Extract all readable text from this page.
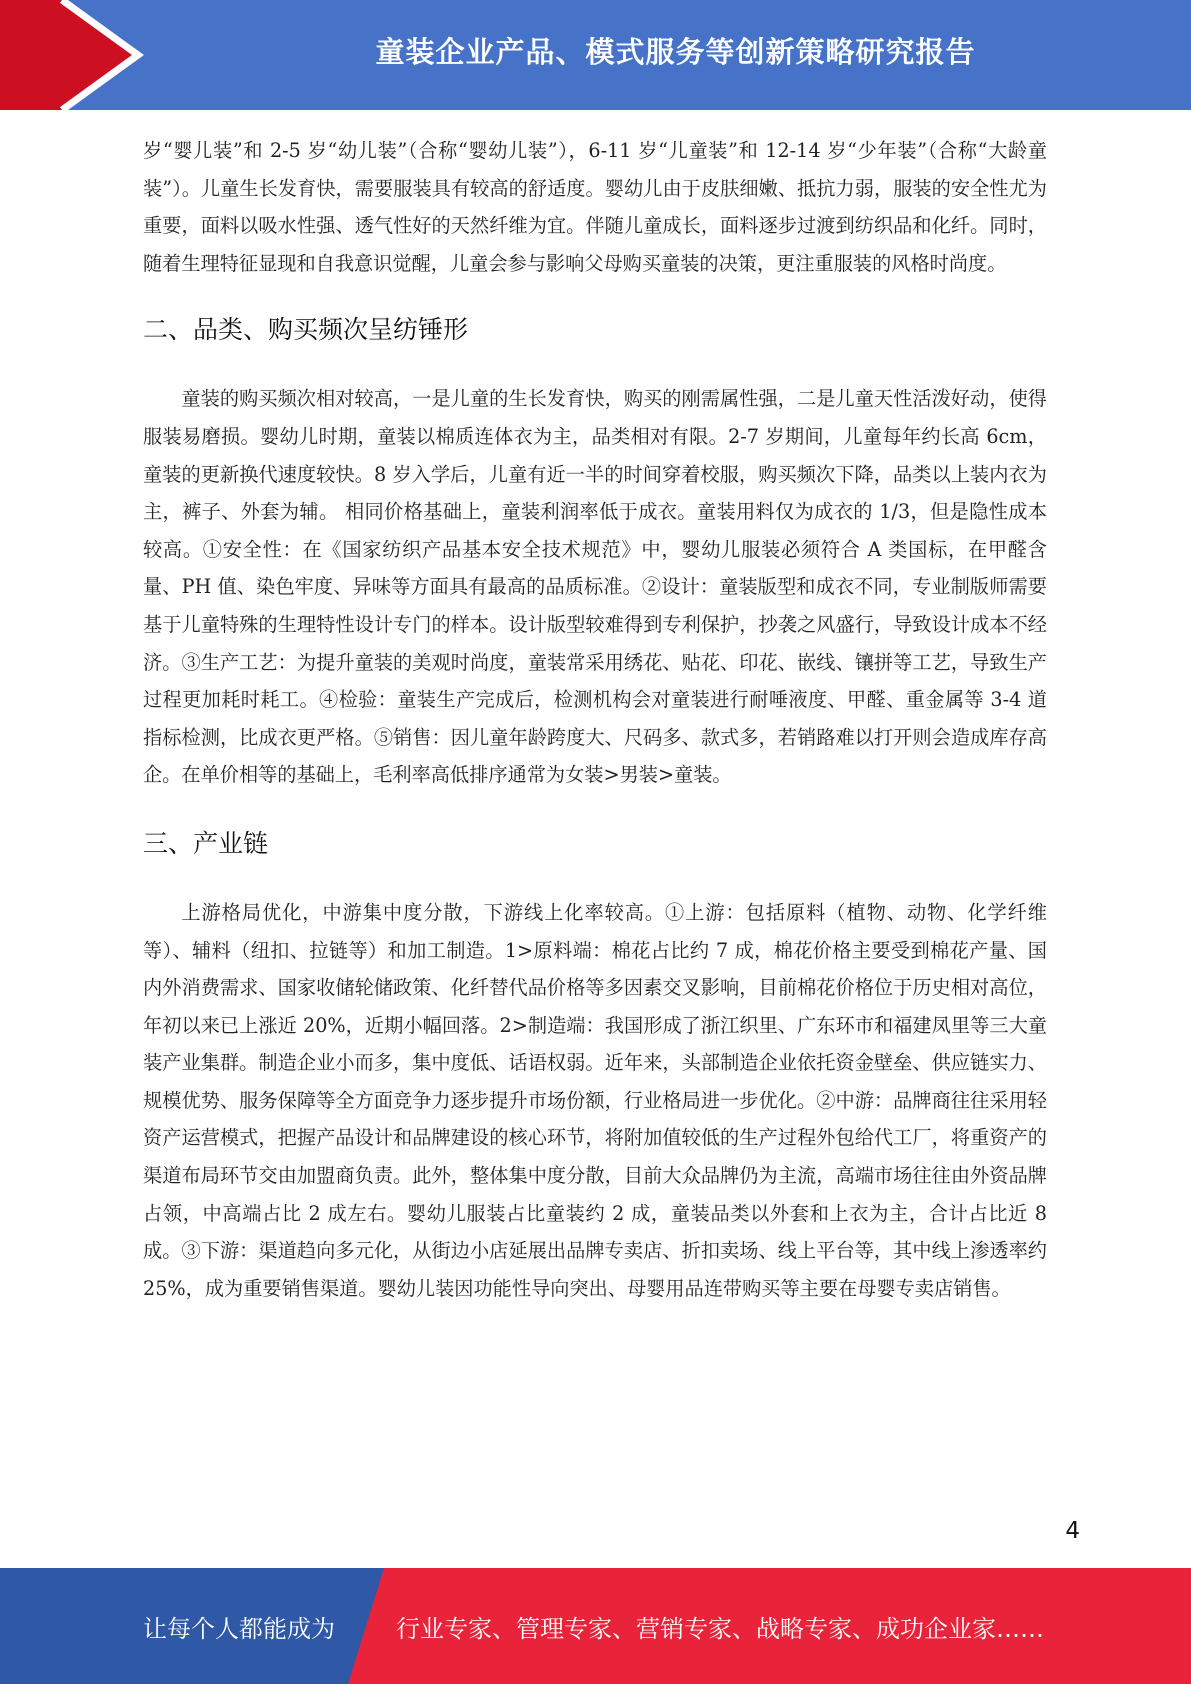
童装企业产品、模式服务等创新策略研究报告

岁“婴儿装”和 2-5 岁“幼儿装”（合称“婴幼儿装”），6-11 岁“儿童装”和 12-14 岁“少年装”（合称“大龄童装”）。儿童生长发育快，需要服装具有较高的舒适度。婴幼儿由于皮肤细嫩、抵抗力弱，服装的安全性尤为重要，面料以吸水性强、透气性好的天然纤维为宜。伴随儿童成长，面料逐步过渡到纺织品和化纤。同时，随着生理特征显现和自我意识觉醒，儿童会参与影响父母购买童装的决策，更注重服装的风格时尚度。

二、品类、购买频次呈纺锤形

童装的购买频次相对较高，一是儿童的生长发育快，购买的刚需属性强，二是儿童天性活泼好动，使得服装易磨损。婴幼儿时期，童装以棉质连体衣为主，品类相对有限。2-7 岁期间，儿童每年约长高 6cm，童装的更新换代速度较快。8 岁入学后，儿童有近一半的时间穿着校服，购买频次下降，品类以上装内衣为主，裤子、外套为辅。 相同价格基础上，童装利润率低于成衣。童装用料仅为成衣的 1/3，但是隐性成本较高。①安全性：在《国家纺织产品基本安全技术规范》中，婴幼儿服装必须符合 A 类国标，在甲醛含量、PH 值、染色牢度、异味等方面具有最高的品质标准。②设计：童装版型和成衣不同，专业制版师需要基于儿童特殊的生理特性设计专门的样本。设计版型较难得到专利保护，抄袭之风盛行，导致设计成本不经济。③生产工艺：为提升童装的美观时尚度，童装常采用绣花、贴花、印花、嵌线、镶拼等工艺，导致生产过程更加耗时耗工。④检验：童装生产完成后，检测机构会对童装进行耐唾液度、甲醛、重金属等 3-4 道指标检测，比成衣更严格。⑤销售：因儿童年龄跨度大、尺码多、款式多，若销路难以打开则会造成库存高企。在单价相等的基础上，毛利率高低排序通常为女装>男装>童装。

三、产业链

上游格局优化，中游集中度分散，下游线上化率较高。①上游：包括原料（植物、动物、化学纤维等）、辅料（纽扣、拉链等）和加工制造。1>原料端：棉花占比约 7 成，棉花价格主要受到棉花产量、国内外消费需求、国家收储轮储政策、化纤替代品价格等多因素交叉影响，目前棉花价格位于历史相对高位，年初以来已上涨近 20%，近期小幅回落。2>制造端：我国形成了浙江织里、广东环市和福建凤里等三大童装产业集群。制造企业小而多，集中度低、话语权弱。近年来，头部制造企业依托资金壁垒、供应链实力、规模优势、服务保障等全方面竞争力逐步提升市场份额，行业格局进一步优化。②中游：品牌商往往采用轻资产运营模式，把握产品设计和品牌建设的核心环节，将附加值较低的生产过程外包给代工厂，将重资产的渠道布局环节交由加盟商负责。此外，整体集中度分散，目前大众品牌仍为主流，高端市场往往由外资品牌占领，中高端占比 2 成左右。婴幼儿服装占比童装约 2 成，童装品类以外套和上衣为主，合计占比近 8 成。③下游：渠道趋向多元化，从街边小店延展出品牌专卖店、折扣卖场、线上平台等，其中线上渗透率约 25%，成为重要销售渠道。婴幼儿装因功能性导向突出、母婴用品连带购买等主要在母婴专卖店销售。

4
让每个人都能成为	行业专家、管理专家、营销专家、战略专家、成功企业家……
